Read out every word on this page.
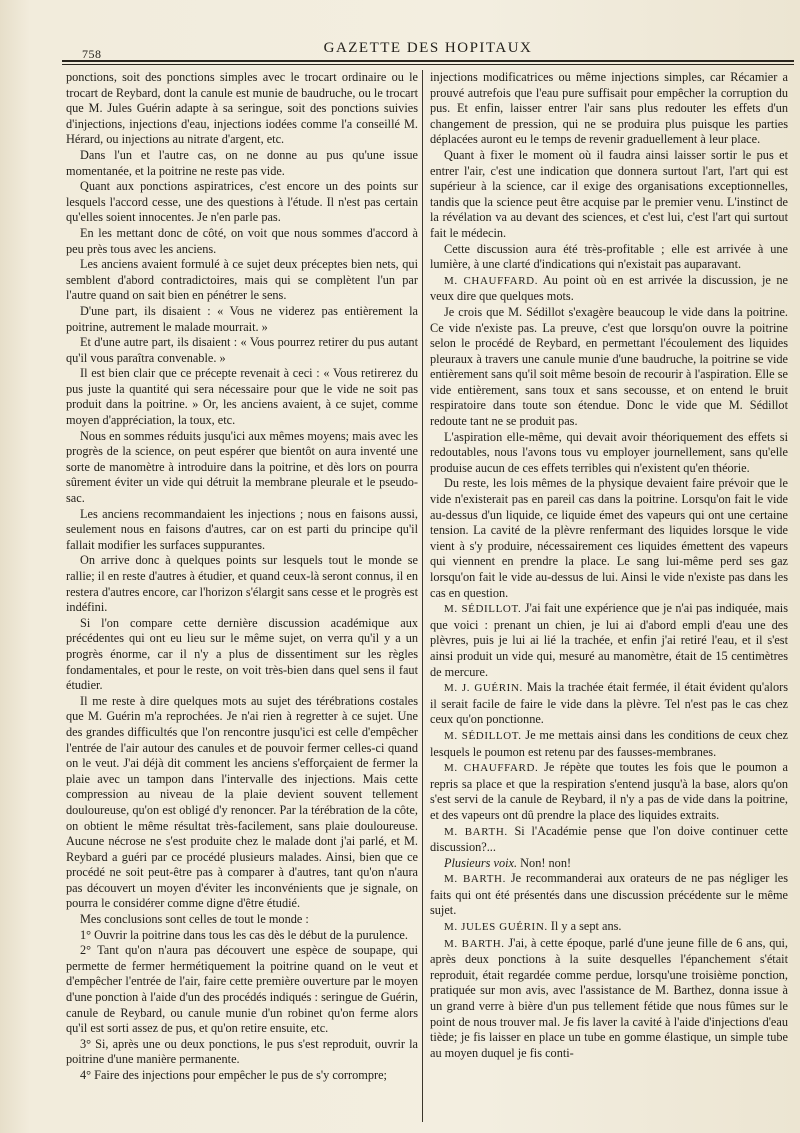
758	GAZETTE DES HOPITAUX

ponctions, soit des ponctions simples avec le trocart ordinaire ou le trocart de Reybard, dont la canule est munie de baudruche, ou le trocart que M. Jules Guérin adapte à sa seringue, soit des ponctions suivies d'injections, injections d'eau, injections iodées comme l'a conseillé M. Hérard, ou injections au nitrate d'argent, etc.

Dans l'un et l'autre cas, on ne donne au pus qu'une issue momentanée, et la poitrine ne reste pas vide.

Quant aux ponctions aspiratrices, c'est encore un des points sur lesquels l'accord cesse, une des questions à l'étude. Il n'est pas certain qu'elles soient innocentes. Je n'en parle pas.

En les mettant donc de côté, on voit que nous sommes d'accord à peu près tous avec les anciens.

Les anciens avaient formulé à ce sujet deux préceptes bien nets, qui semblent d'abord contradictoires, mais qui se complètent l'un par l'autre quand on sait bien en pénétrer le sens.

D'une part, ils disaient : « Vous ne viderez pas entièrement la poitrine, autrement le malade mourrait. »

Et d'une autre part, ils disaient : « Vous pourrez retirer du pus autant qu'il vous paraîtra convenable. »

Il est bien clair que ce précepte revenait à ceci : « Vous retirerez du pus juste la quantité qui sera nécessaire pour que le vide ne soit pas produit dans la poitrine. » Or, les anciens avaient, à ce sujet, comme moyen d'appréciation, la toux, etc.

Nous en sommes réduits jusqu'ici aux mêmes moyens; mais avec les progrès de la science, on peut espérer que bientôt on aura inventé une sorte de manomètre à introduire dans la poitrine, et dès lors on pourra sûrement éviter un vide qui détruit la membrane pleurale et le pseudo-sac.

Les anciens recommandaient les injections ; nous en faisons aussi, seulement nous en faisons d'autres, car on est parti du principe qu'il fallait modifier les surfaces suppurantes.

On arrive donc à quelques points sur lesquels tout le monde se rallie; il en reste d'autres à étudier, et quand ceux-là seront connus, il en restera d'autres encore, car l'horizon s'élargit sans cesse et le progrès est indéfini.

Si l'on compare cette dernière discussion académique aux précédentes qui ont eu lieu sur le même sujet, on verra qu'il y a un progrès énorme, car il n'y a plus de dissentiment sur les règles fondamentales, et pour le reste, on voit très-bien dans quel sens il faut étudier.

Il me reste à dire quelques mots au sujet des térébrations costales que M. Guérin m'a reprochées. Je n'ai rien à regretter à ce sujet. Une des grandes difficultés que l'on rencontre jusqu'ici est celle d'empêcher l'entrée de l'air autour des canules et de pouvoir fermer celles-ci quand on le veut. J'ai déjà dit comment les anciens s'efforçaient de fermer la plaie avec un tampon dans l'intervalle des injections. Mais cette compression au niveau de la plaie devient souvent tellement douloureuse, qu'on est obligé d'y renoncer. Par la térébration de la côte, on obtient le même résultat très-facilement, sans plaie douloureuse. Aucune nécrose ne s'est produite chez le malade dont j'ai parlé, et M. Reybard a guéri par ce procédé plusieurs malades. Ainsi, bien que ce procédé ne soit peut-être pas à comparer à d'autres, tant qu'on n'aura pas découvert un moyen d'éviter les inconvénients que je signale, on pourra le considérer comme digne d'être étudié.

Mes conclusions sont celles de tout le monde :

1° Ouvrir la poitrine dans tous les cas dès le début de la purulence.

2° Tant qu'on n'aura pas découvert une espèce de soupape, qui permette de fermer hermétiquement la poitrine quand on le veut et d'empêcher l'entrée de l'air, faire cette première ouverture par le moyen d'une ponction à l'aide d'un des procédés indiqués : seringue de Guérin, canule de Reybard, ou canule munie d'un robinet qu'on ferme alors qu'il est sorti assez de pus, et qu'on retire ensuite, etc.

3° Si, après une ou deux ponctions, le pus s'est reproduit, ouvrir la poitrine d'une manière permanente.

4° Faire des injections pour empêcher le pus de s'y corrompre;

injections modificatrices ou même injections simples, car Récamier a prouvé autrefois que l'eau pure suffisait pour empêcher la corruption du pus. Et enfin, laisser entrer l'air sans plus redouter les effets d'un changement de pression, qui ne se produira plus puisque les parties déplacées auront eu le temps de revenir graduellement à leur place.

Quant à fixer le moment où il faudra ainsi laisser sortir le pus et entrer l'air, c'est une indication que donnera surtout l'art, l'art qui est supérieur à la science, car il exige des organisations exceptionnelles, tandis que la science peut être acquise par le premier venu. L'instinct de la révélation va au devant des sciences, et c'est lui, c'est l'art qui surtout fait le médecin.

Cette discussion aura été très-profitable ; elle est arrivée à une lumière, à une clarté d'indications qui n'existait pas auparavant.

M. CHAUFFARD. Au point où en est arrivée la discussion, je ne veux dire que quelques mots.

Je crois que M. Sédillot s'exagère beaucoup le vide dans la poitrine. Ce vide n'existe pas. La preuve, c'est que lorsqu'on ouvre la poitrine selon le procédé de Reybard, en permettant l'écoulement des liquides pleuraux à travers une canule munie d'une baudruche, la poitrine se vide entièrement sans qu'il soit même besoin de recourir à l'aspiration. Elle se vide entièrement, sans toux et sans secousse, et on entend le bruit respiratoire dans toute son étendue. Donc le vide que M. Sédillot redoute tant ne se produit pas.

L'aspiration elle-même, qui devait avoir théoriquement des effets si redoutables, nous l'avons tous vu employer journellement, sans qu'elle produise aucun de ces effets terribles qui n'existent qu'en théorie.

Du reste, les lois mêmes de la physique devaient faire prévoir que le vide n'existerait pas en pareil cas dans la poitrine. Lorsqu'on fait le vide au-dessus d'un liquide, ce liquide émet des vapeurs qui ont une certaine tension. La cavité de la plèvre renfermant des liquides lorsque le vide vient à s'y produire, nécessairement ces liquides émettent des vapeurs qui viennent en prendre la place. Le sang lui-même perd ses gaz lorsqu'on fait le vide au-dessus de lui. Ainsi le vide n'existe pas dans les cas en question.

M. SÉDILLOT. J'ai fait une expérience que je n'ai pas indiquée, mais que voici : prenant un chien, je lui ai d'abord empli d'eau une des plèvres, puis je lui ai lié la trachée, et enfin j'ai retiré l'eau, et il s'est ainsi produit un vide qui, mesuré au manomètre, était de 15 centimètres de mercure.

M. J. GUÉRIN. Mais la trachée était fermée, il était évident qu'alors il serait facile de faire le vide dans la plèvre. Tel n'est pas le cas chez ceux qu'on ponctionne.

M. SÉDILLOT. Je me mettais ainsi dans les conditions de ceux chez lesquels le poumon est retenu par des fausses-membranes.

M. CHAUFFARD. Je répète que toutes les fois que le poumon a repris sa place et que la respiration s'entend jusqu'à la base, alors qu'on s'est servi de la canule de Reybard, il n'y a pas de vide dans la poitrine, et des vapeurs ont dû prendre la place des liquides extraits.

M. BARTH. Si l'Académie pense que l'on doive continuer cette discussion?...

Plusieurs voix. Non! non!

M. BARTH. Je recommanderai aux orateurs de ne pas négliger les faits qui ont été présentés dans une discussion précédente sur le même sujet.

M. JULES GUÉRIN. Il y a sept ans.

M. BARTH. J'ai, à cette époque, parlé d'une jeune fille de 6 ans, qui, après deux ponctions à la suite desquelles l'épanchement s'était reproduit, était regardée comme perdue, lorsqu'une troisième ponction, pratiquée sur mon avis, avec l'assistance de M. Barthez, donna issue à un grand verre à bière d'un pus tellement fétide que nous fûmes sur le point de nous trouver mal. Je fis laver la cavité à l'aide d'injections d'eau tiède; je fis laisser en place un tube en gomme élastique, un simple tube au moyen duquel je fis conti-
